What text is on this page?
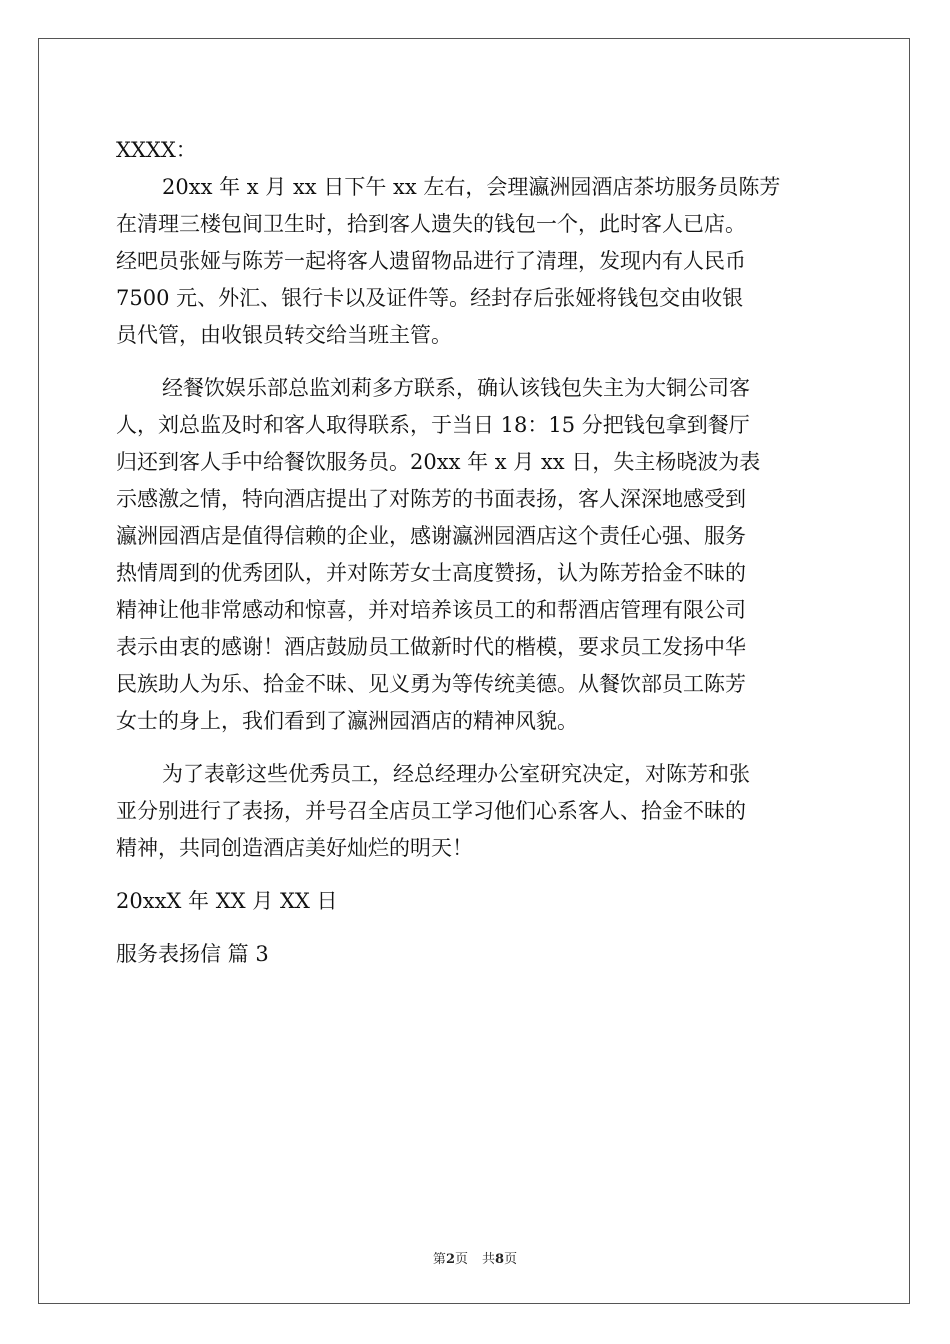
XXXX：
20xx 年 x 月 xx 日下午 xx 左右，会理瀛洲园酒店茶坊服务员陈芳
在清理三楼包间卫生时，拾到客人遗失的钱包一个，此时客人已店。
经吧员张娅与陈芳一起将客人遗留物品进行了清理，发现内有人民币
7500 元、外汇、银行卡以及证件等。经封存后张娅将钱包交由收银
员代管，由收银员转交给当班主管。
经餐饮娱乐部总监刘莉多方联系，确认该钱包失主为大铜公司客
人，刘总监及时和客人取得联系，于当日 18：15 分把钱包拿到餐厅
归还到客人手中给餐饮服务员。20xx 年 x 月 xx 日，失主杨晓波为表
示感激之情，特向酒店提出了对陈芳的书面表扬，客人深深地感受到
瀛洲园酒店是值得信赖的企业，感谢瀛洲园酒店这个责任心强、服务
热情周到的优秀团队，并对陈芳女士高度赞扬，认为陈芳拾金不昧的
精神让他非常感动和惊喜，并对培养该员工的和帮酒店管理有限公司
表示由衷的感谢！酒店鼓励员工做新时代的楷模，要求员工发扬中华
民族助人为乐、拾金不昧、见义勇为等传统美德。从餐饮部员工陈芳
女士的身上，我们看到了瀛洲园酒店的精神风貌。
为了表彰这些优秀员工，经总经理办公室研究决定，对陈芳和张
亚分别进行了表扬，并号召全店员工学习他们心系客人、拾金不昧的
精神，共同创造酒店美好灿烂的明天！
20xxX 年 XX 月 XX 日
服务表扬信 篇 3
第2页 共8页
